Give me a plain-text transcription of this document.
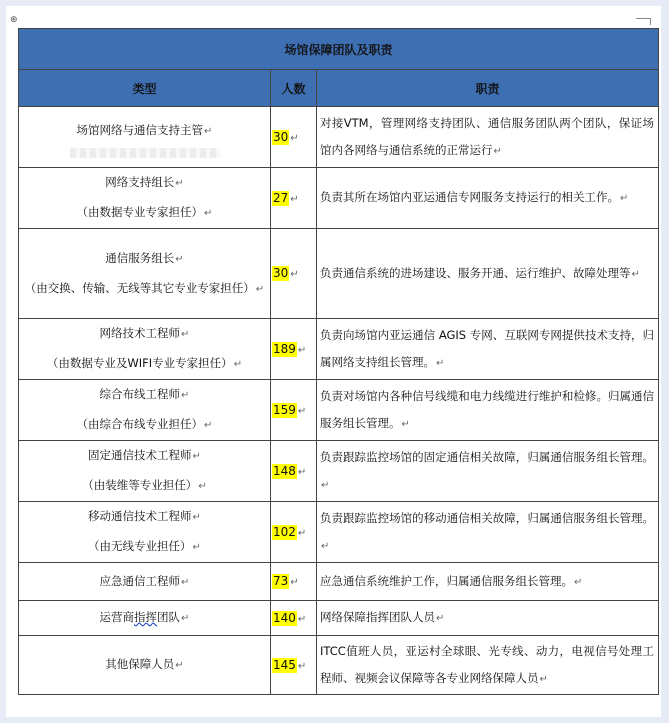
⊕
场馆保障团队及职责		
类型	人数	职责

场馆网络与通信支持主管↵	30 ↵	对接VTM，管理网络支持团队、通信服务团队两个团队，保证场馆内各网络与通信系统的正常运行↵

网络支持组长↵
（由数据专业专家担任）↵	27 ↵	负责其所在场馆内亚运通信专网服务支持运行的相关工作。↵

通信服务组长↵
（由交换、传输、无线等其它专业专家担任）↵	30 ↵	负责通信系统的进场建设、服务开通、运行维护、故障处理等↵

网络技术工程师↵
（由数据专业及WIFI专业专家担任）↵	189 ↵	负责向场馆内亚运通信 AGIS 专网、互联网专网提供技术支持，归属网络支持组长管理。↵

综合布线工程师↵
（由综合布线专业担任）↵	159 ↵	负责对场馆内各种信号线缆和电力线缆进行维护和检修。归属通信服务组长管理。↵

固定通信技术工程师↵
（由装维等专业担任）↵	148 ↵	负责跟踪监控场馆的固定通信相关故障，归属通信服务组长管理。↵

移动通信技术工程师↵
（由无线专业担任）↵	102 ↵	负责跟踪监控场馆的移动通信相关故障，归属通信服务组长管理。↵

应急通信工程师↵	73 ↵	应急通信系统维护工作，归属通信服务组长管理。↵

运营商指挥团队↵	140 ↵	网络保障指挥团队人员↵

其他保障人员↵	145 ↵	ITCC值班人员，亚运村全球眼、光专线、动力，电视信号处理工程师、视频会议保障等各专业网络保障人员↵
